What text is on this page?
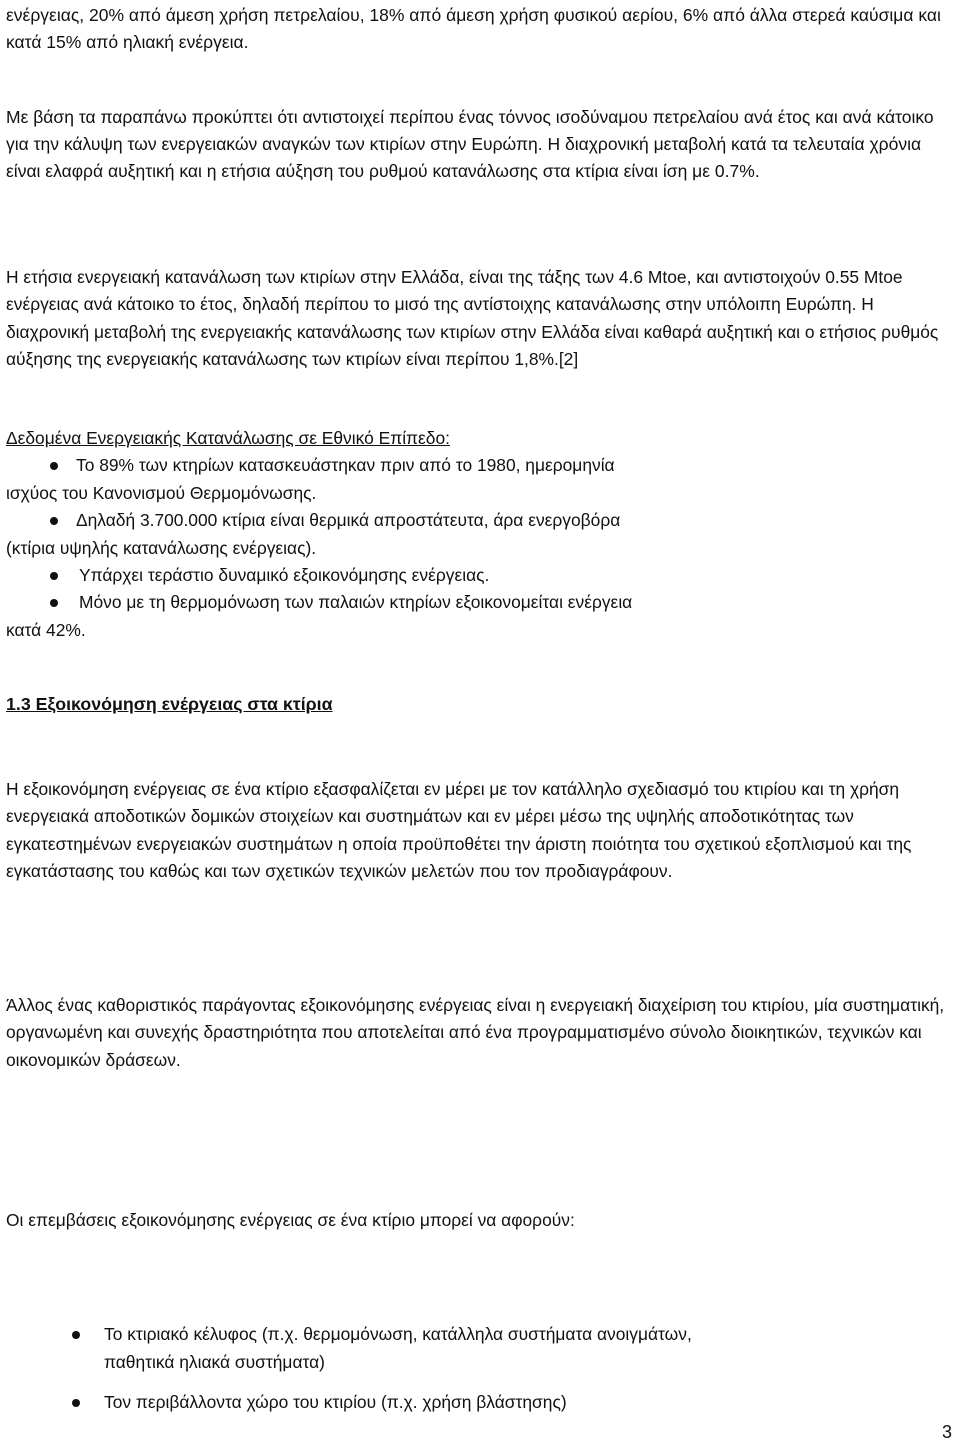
ενέργειας, 20% από άμεση χρήση πετρελαίου, 18% από άμεση χρήση φυσικού αερίου, 6% από άλλα στερεά καύσιμα και κατά 15% από ηλιακή ενέργεια.

Με βάση τα παραπάνω προκύπτει ότι αντιστοιχεί περίπου ένας τόννος ισοδύναμου πετρελαίου ανά έτος και ανά κάτοικο για την κάλυψη των ενεργειακών αναγκών των κτιρίων στην Ευρώπη. Η διαχρονική μεταβολή κατά τα τελευταία χρόνια είναι ελαφρά αυξητική και η ετήσια αύξηση του ρυθμού κατανάλωσης στα κτίρια είναι ίση με 0.7%.

Η ετήσια ενεργειακή κατανάλωση των κτιρίων στην Ελλάδα, είναι της τάξης των 4.6 Mtoe, και αντιστοιχούν 0.55 Mtoe ενέργειας ανά κάτοικο το έτος, δηλαδή περίπου το μισό της αντίστοιχης κατανάλωσης στην υπόλοιπη Ευρώπη. Η διαχρονική μεταβολή της ενεργειακής κατανάλωσης των κτιρίων στην Ελλάδα είναι καθαρά αυξητική και ο ετήσιος ρυθμός αύξησης της ενεργειακής κατανάλωσης των κτιρίων είναι περίπου 1,8%.[2]

Δεδομένα Ενεργειακής Κατανάλωσης σε Εθνικό Επίπεδο:

Το 89% των κτηρίων κατασκευάστηκαν πριν από το 1980, ημερομηνία
ισχύος του Κανονισμού Θερμομόνωσης.

Δηλαδή 3.700.000 κτίρια είναι θερμικά απροστάτευτα, άρα ενεργοβόρα
(κτίρια υψηλής κατανάλωσης ενέργειας).

Υπάρχει τεράστιο δυναμικό εξοικονόμησης ενέργειας.

Μόνο με τη θερμομόνωση των παλαιών κτηρίων εξοικονομείται ενέργεια
κατά 42%.

1.3 Εξοικονόμηση ενέργειας στα κτίρια

Η εξοικονόμηση ενέργειας σε ένα κτίριο εξασφαλίζεται εν μέρει με τον κατάλληλο σχεδιασμό του κτιρίου και τη χρήση ενεργειακά αποδοτικών δομικών στοιχείων και συστημάτων και εν μέρει μέσω της υψηλής αποδοτικότητας των εγκατεστημένων ενεργειακών συστημάτων η οποία προϋποθέτει την άριστη ποιότητα του σχετικού εξοπλισμού και της εγκατάστασης του καθώς και των σχετικών τεχνικών μελετών που τον προδιαγράφουν.

Άλλος ένας καθοριστικός παράγοντας εξοικονόμησης ενέργειας είναι η ενεργειακή διαχείριση του κτιρίου, μία συστηματική, οργανωμένη και συνεχής δραστηριότητα που αποτελείται από ένα προγραμματισμένο σύνολο διοικητικών, τεχνικών και οικονομικών δράσεων.

Οι επεμβάσεις εξοικονόμησης ενέργειας σε ένα κτίριο μπορεί να αφορούν:

Το κτιριακό κέλυφος (π.χ. θερμομόνωση, κατάλληλα συστήματα ανοιγμάτων,
παθητικά ηλιακά συστήματα)

Τον περιβάλλοντα χώρο του κτιρίου (π.χ. χρήση βλάστησης)

3
